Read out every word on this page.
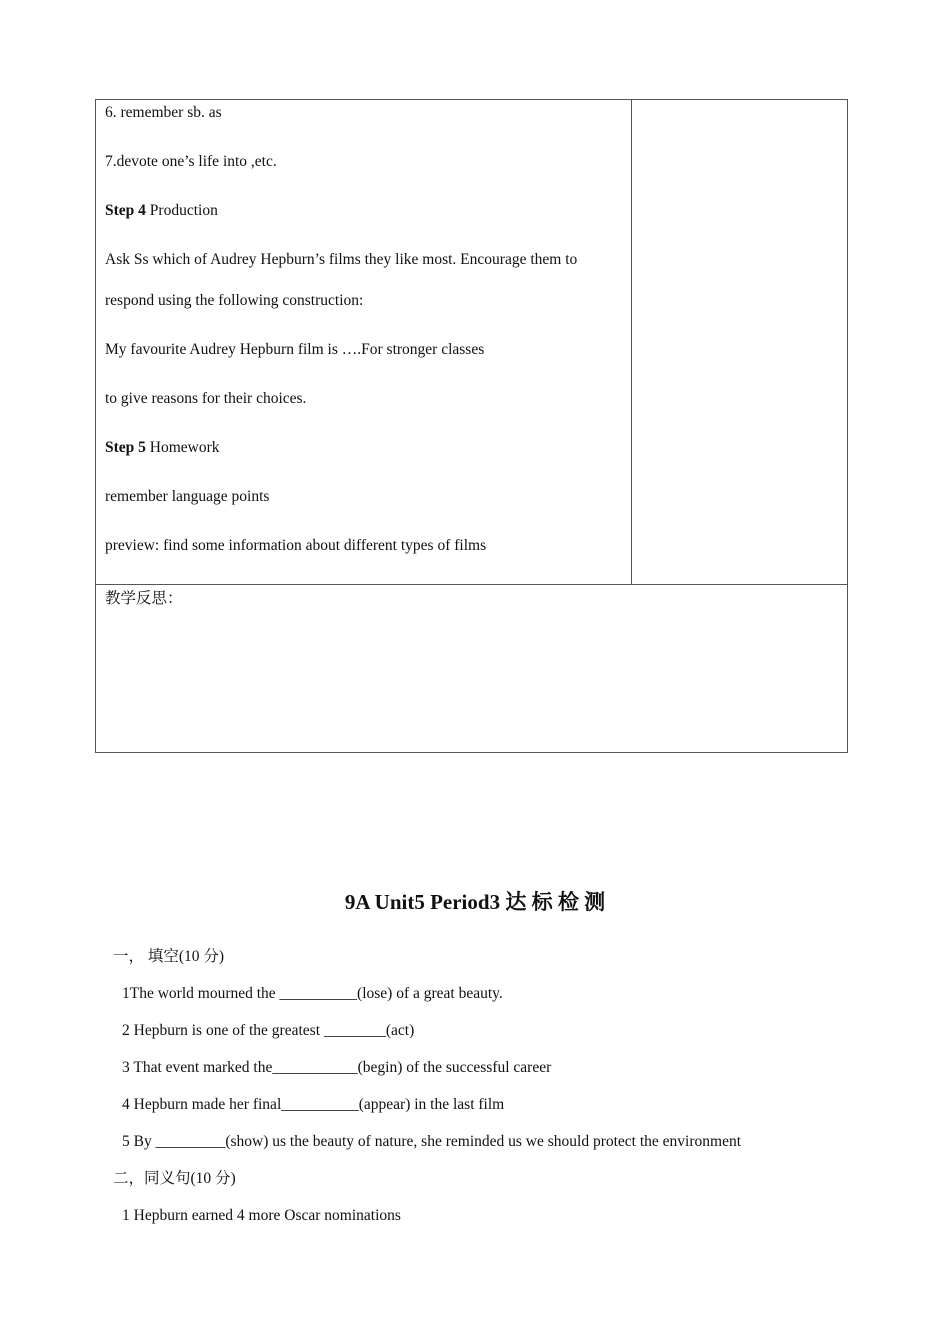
6. remember sb. as
7.devote one’s life into ,etc.
Step 4 Production
Ask Ss which of Audrey Hepburn’s films they like most. Encourage them to
respond using the following construction:
My favourite Audrey Hepburn film is ….For stronger classes
to give reasons for their choices.
Step 5 Homework
remember language points
preview: find some information about different types of films
教学反思：
9A Unit5 Period3 达 标 检 测
一， 填空(10 分)
1The world mourned the __________(lose) of a great beauty.
2 Hepburn is one of the greatest ________(act)
3 That event marked the___________(begin) of the successful career
4 Hepburn made her final__________(appear) in the last film
5 By _________(show) us the beauty of nature, she reminded us we should protect the environment
二，同义句(10 分)
1 Hepburn earned 4 more Oscar nominations
